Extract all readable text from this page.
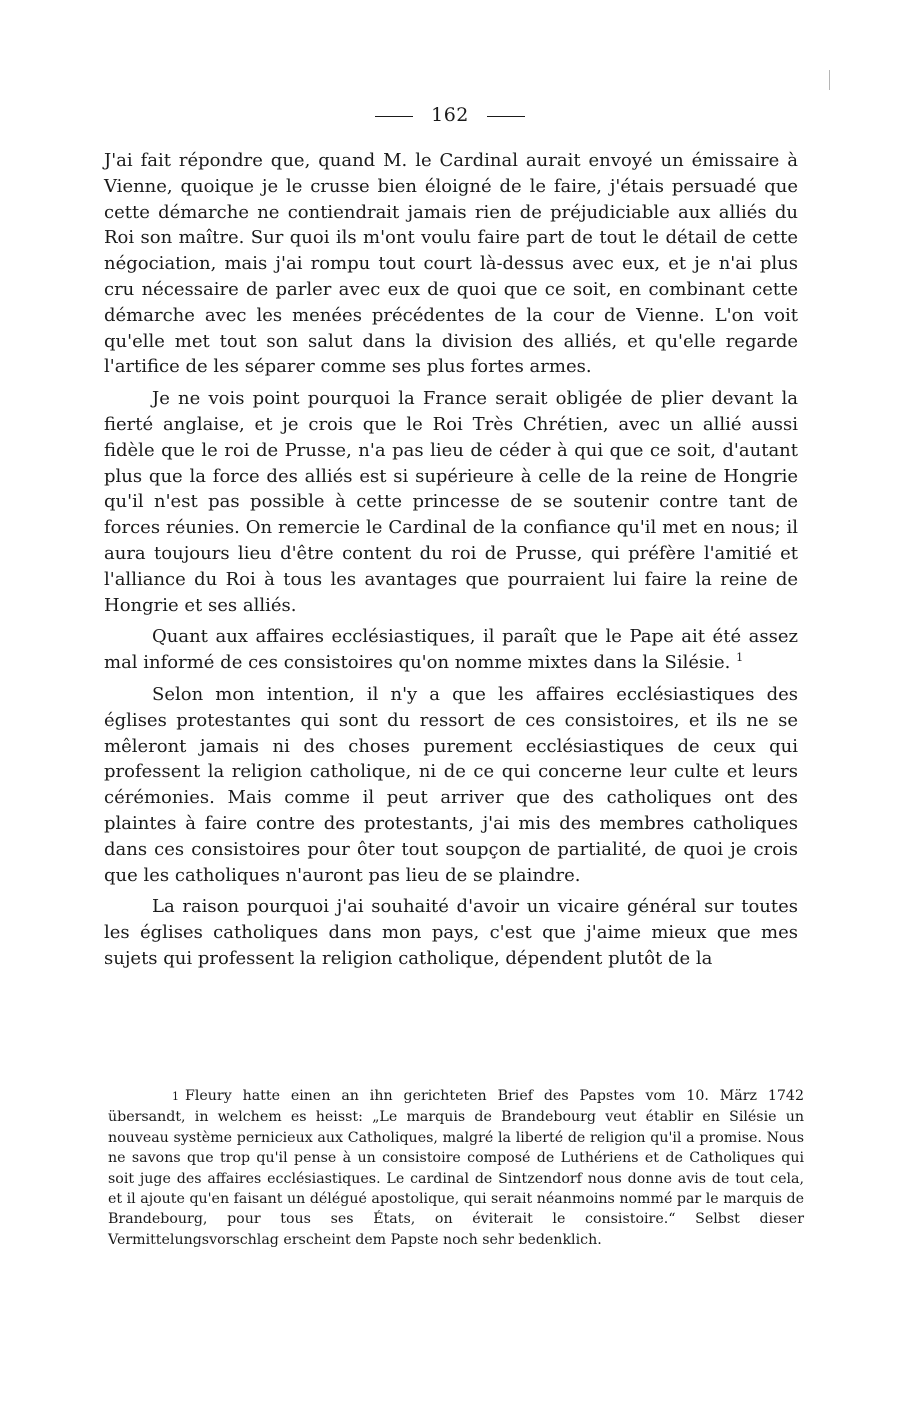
162

J'ai fait répondre que, quand M. le Cardinal aurait envoyé un émissaire à Vienne, quoique je le crusse bien éloigné de le faire, j'étais persuadé que cette démarche ne contiendrait jamais rien de préjudiciable aux alliés du Roi son maître. Sur quoi ils m'ont voulu faire part de tout le détail de cette négociation, mais j'ai rompu tout court là-dessus avec eux, et je n'ai plus cru nécessaire de parler avec eux de quoi que ce soit, en combinant cette démarche avec les menées précédentes de la cour de Vienne. L'on voit qu'elle met tout son salut dans la division des alliés, et qu'elle regarde l'artifice de les séparer comme ses plus fortes armes.

Je ne vois point pourquoi la France serait obligée de plier devant la fierté anglaise, et je crois que le Roi Très Chrétien, avec un allié aussi fidèle que le roi de Prusse, n'a pas lieu de céder à qui que ce soit, d'autant plus que la force des alliés est si supérieure à celle de la reine de Hongrie qu'il n'est pas possible à cette princesse de se soutenir contre tant de forces réunies. On remercie le Cardinal de la confiance qu'il met en nous; il aura toujours lieu d'être content du roi de Prusse, qui préfère l'amitié et l'alliance du Roi à tous les avantages que pourraient lui faire la reine de Hongrie et ses alliés.

Quant aux affaires ecclésiastiques, il paraît que le Pape ait été assez mal informé de ces consistoires qu'on nomme mixtes dans la Silésie. $^1$

Selon mon intention, il n'y a que les affaires ecclésiastiques des églises protestantes qui sont du ressort de ces consistoires, et ils ne se mêleront jamais ni des choses purement ecclésiastiques de ceux qui professent la religion catholique, ni de ce qui concerne leur culte et leurs cérémonies. Mais comme il peut arriver que des catholiques ont des plaintes à faire contre des protestants, j'ai mis des membres catholiques dans ces consistoires pour ôter tout soupçon de partialité, de quoi je crois que les catholiques n'auront pas lieu de se plaindre.

La raison pourquoi j'ai souhaité d'avoir un vicaire général sur toutes les églises catholiques dans mon pays, c'est que j'aime mieux que mes sujets qui professent la religion catholique, dépendent plutôt de la

1 Fleury hatte einen an ihn gerichteten Brief des Papstes vom 10. März 1742 übersandt, in welchem es heisst: „Le marquis de Brandebourg veut établir en Silésie un nouveau système pernicieux aux Catholiques, malgré la liberté de religion qu'il a promise. Nous ne savons que trop qu'il pense à un consistoire composé de Luthériens et de Catholiques qui soit juge des affaires ecclésiastiques. Le cardinal de Sintzendorf nous donne avis de tout cela, et il ajoute qu'en faisant un délégué apostolique, qui serait néanmoins nommé par le marquis de Brandebourg, pour tous ses États, on éviterait le consistoire.“ Selbst dieser Vermittelungsvorschlag erscheint dem Papste noch sehr bedenklich.
